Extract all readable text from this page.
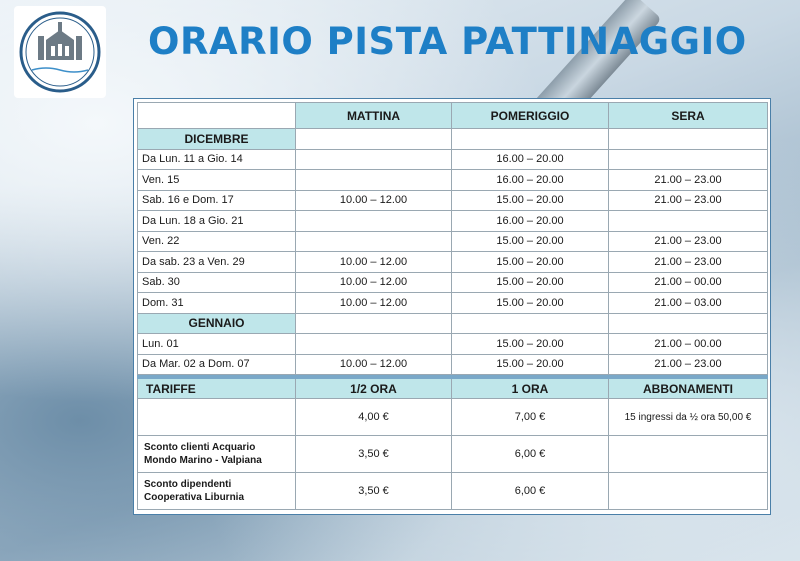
ORARIO PISTA PATTINAGGIO
	MATTINA	POMERIGGIO	SERA
DICEMBRE			
Da Lun. 11 a Gio. 14		16.00 – 20.00	
Ven. 15		16.00 – 20.00	21.00 – 23.00
Sab. 16 e Dom. 17	10.00 – 12.00	15.00 – 20.00	21.00 – 23.00
Da Lun. 18 a Gio. 21		16.00 – 20.00	
Ven. 22		15.00 – 20.00	21.00 – 23.00
Da sab. 23 a Ven. 29	10.00 – 12.00	15.00 – 20.00	21.00 – 23.00
Sab. 30	10.00 – 12.00	15.00 – 20.00	21.00 – 00.00
Dom. 31	10.00 – 12.00	15.00 – 20.00	21.00 – 03.00
GENNAIO			
Lun. 01		15.00 – 20.00	21.00 – 00.00
Da Mar. 02 a Dom. 07	10.00 – 12.00	15.00 – 20.00	21.00 – 23.00

TARIFFE	1/2 ORA	1 ORA	ABBONAMENTI
	4,00 €	7,00 €	15 ingressi da ½ ora 50,00 €
Sconto clienti Acquario Mondo Marino - Valpiana	3,50 €	6,00 €	
Sconto dipendenti Cooperativa Liburnia	3,50 €	6,00 €	
